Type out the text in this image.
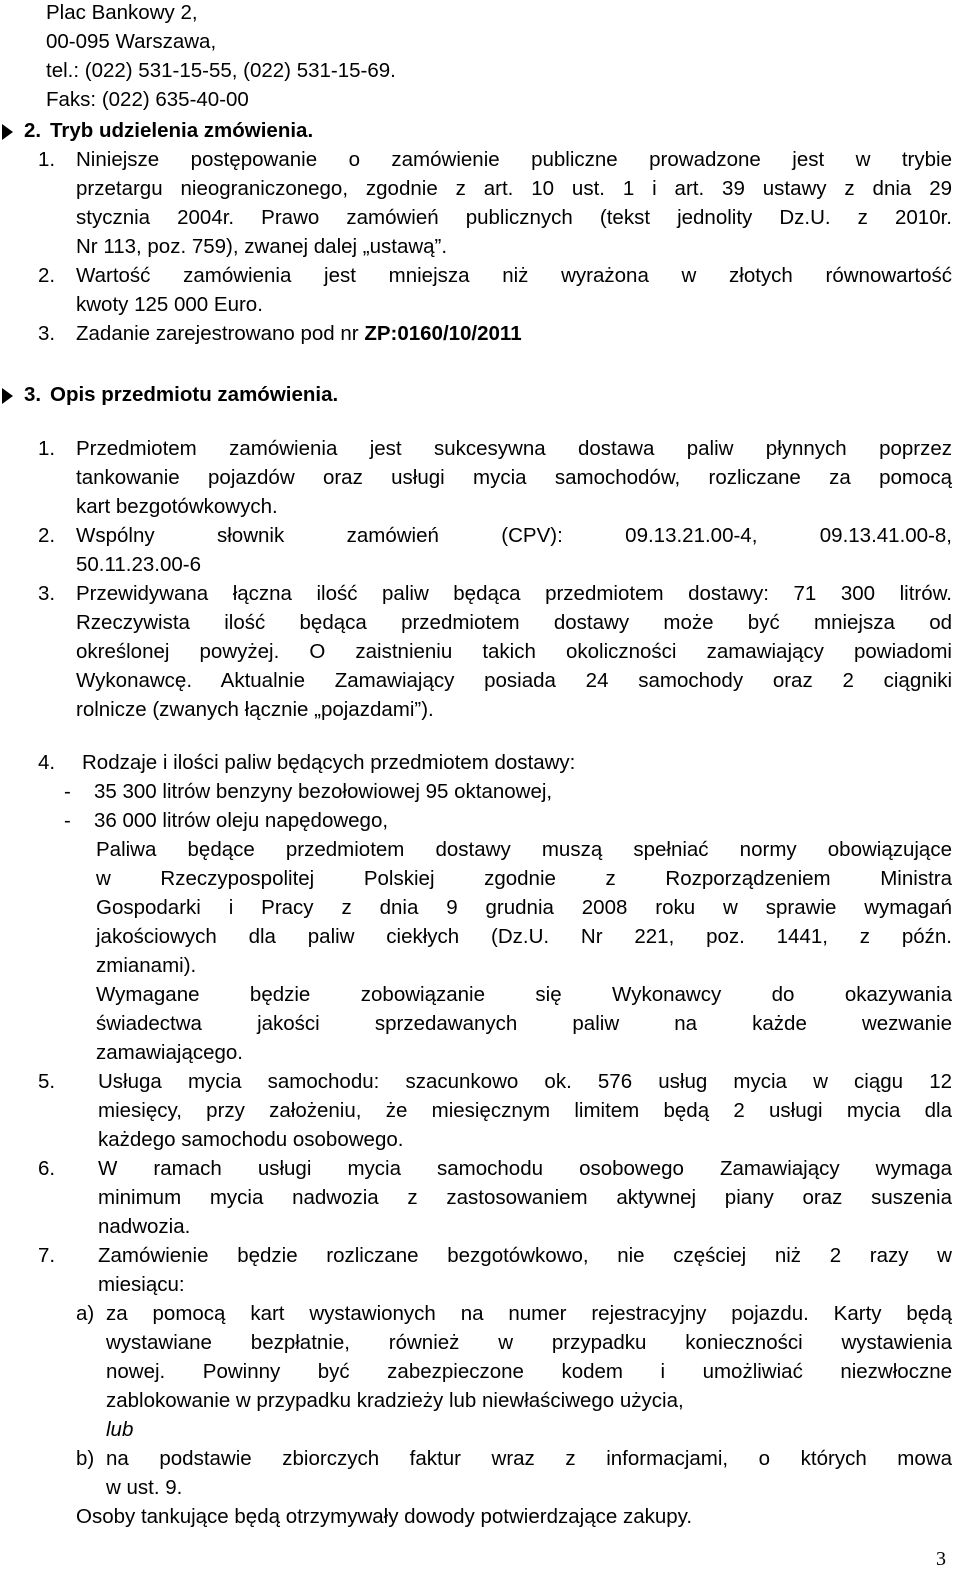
Plac Bankowy 2,
00-095 Warszawa,
tel.: (022) 531-15-55, (022) 531-15-69.
Faks: (022) 635-40-00
2. Tryb udzielenia zmówienia.
1. Niniejsze postępowanie o zamówienie publiczne prowadzone jest w trybie
przetargu nieograniczonego, zgodnie z art. 10 ust. 1 i art. 39 ustawy z dnia 29
stycznia 2004r. Prawo zamówień publicznych (tekst jednolity Dz.U. z 2010r.
Nr 113, poz. 759), zwanej dalej „ustawą”.
2. Wartość zamówienia jest mniejsza niż wyrażona w złotych równowartość
kwoty 125 000 Euro.
3. Zadanie zarejestrowano pod nr ZP:0160/10/2011
3. Opis przedmiotu zamówienia.
1. Przedmiotem zamówienia jest sukcesywna dostawa paliw płynnych poprzez
tankowanie pojazdów oraz usługi mycia samochodów, rozliczane za pomocą
kart bezgotówkowych.
2. Wspólny słownik zamówień (CPV): 09.13.21.00-4, 09.13.41.00-8,
50.11.23.00-6
3. Przewidywana łączna ilość paliw będąca przedmiotem dostawy: 71 300 litrów.
Rzeczywista ilość będąca przedmiotem dostawy może być mniejsza od
określonej powyżej. O zaistnieniu takich okoliczności zamawiający powiadomi
Wykonawcę. Aktualnie Zamawiający posiada 24 samochody oraz 2 ciągniki
rolnicze (zwanych łącznie „pojazdami”).
4. Rodzaje i ilości paliw będących przedmiotem dostawy:
- 35 300 litrów benzyny bezołowiowej 95 oktanowej,
- 36 000 litrów oleju napędowego,
Paliwa będące przedmiotem dostawy muszą spełniać normy obowiązujące
w Rzeczypospolitej Polskiej zgodnie z Rozporządzeniem Ministra
Gospodarki i Pracy z dnia 9 grudnia 2008 roku w sprawie wymagań
jakościowych dla paliw ciekłych (Dz.U. Nr 221, poz. 1441, z późn.
zmianami).
Wymagane będzie zobowiązanie się Wykonawcy do okazywania
świadectwa jakości sprzedawanych paliw na każde wezwanie
zamawiającego.
5. Usługa mycia samochodu: szacunkowo ok. 576 usług mycia w ciągu 12
miesięcy, przy założeniu, że miesięcznym limitem będą 2 usługi mycia dla
każdego samochodu osobowego.
6. W ramach usługi mycia samochodu osobowego Zamawiający wymaga
minimum mycia nadwozia z zastosowaniem aktywnej piany oraz suszenia
nadwozia.
7. Zamówienie będzie rozliczane bezgotówkowo, nie częściej niż 2 razy w
miesiącu:
a) za pomocą kart wystawionych na numer rejestracyjny pojazdu. Karty będą
wystawiane bezpłatnie, również w przypadku konieczności wystawienia
nowej. Powinny być zabezpieczone kodem i umożliwiać niezwłoczne
zablokowanie w przypadku kradzieży lub niewłaściwego użycia,
lub
b) na podstawie zbiorczych faktur wraz z informacjami, o których mowa
w ust. 9.
Osoby tankujące będą otrzymywały dowody potwierdzające zakupy.
3
